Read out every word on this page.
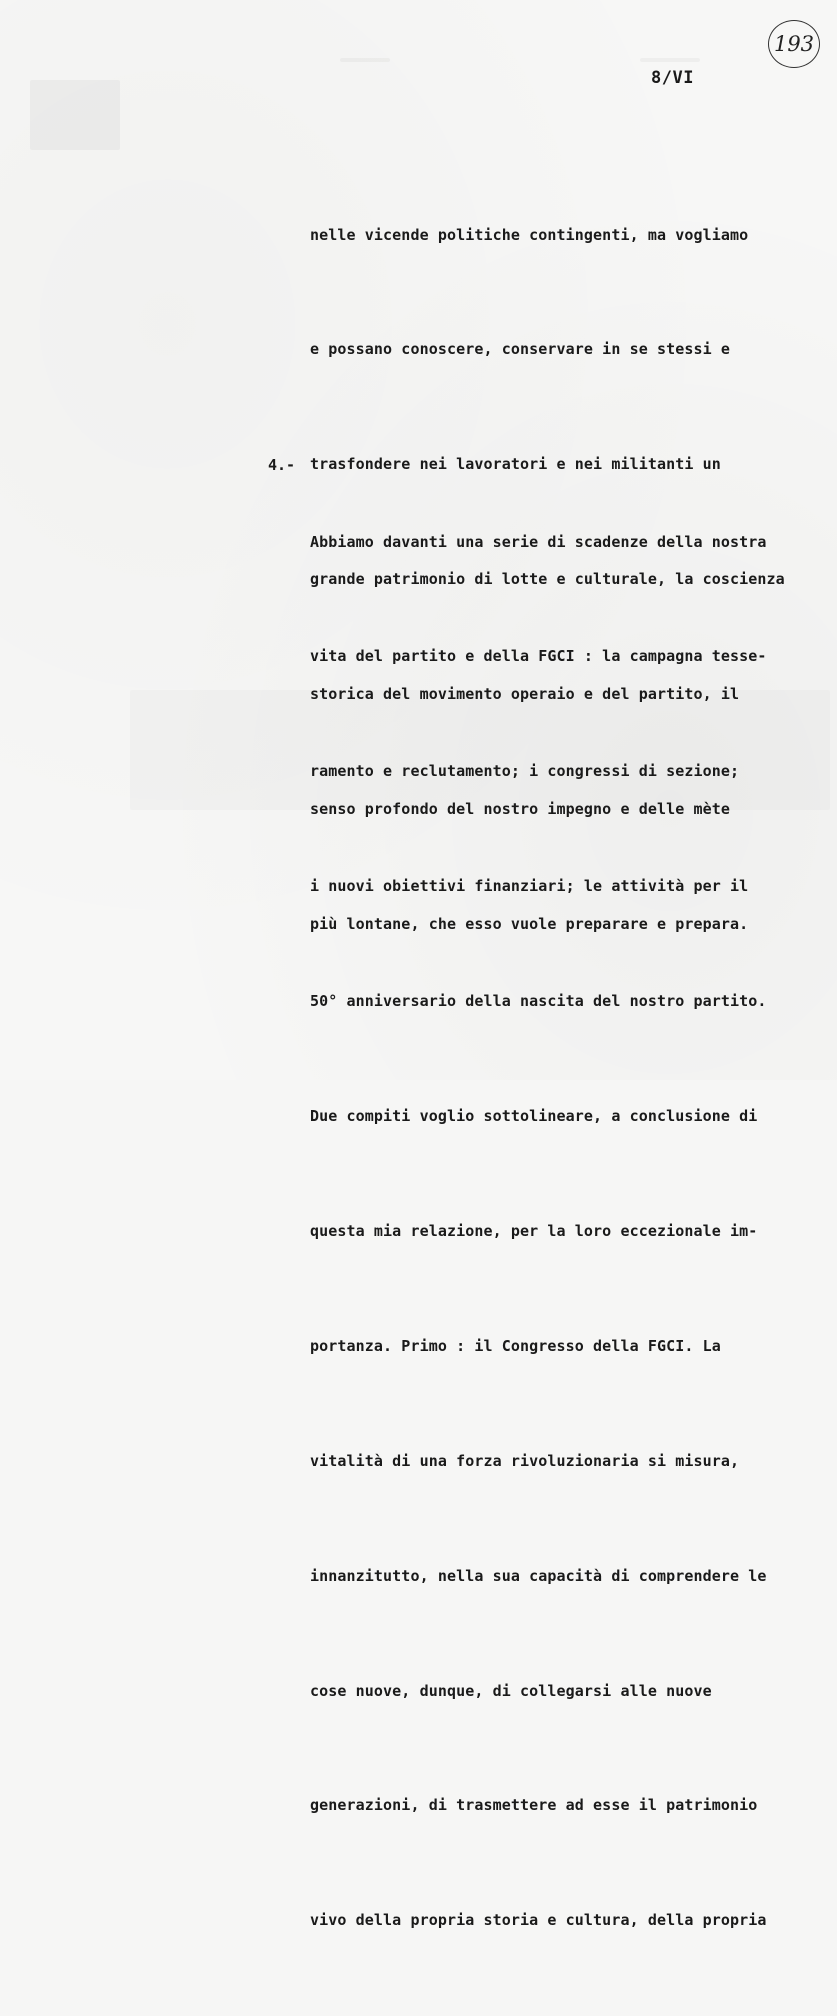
193
8/VI

nelle vicende politiche contingenti, ma vogliamo

e possano conoscere, conservare in se stessi e

trasfondere nei lavoratori e nei militanti un

grande patrimonio di lotte e culturale, la coscienza

storica del movimento operaio e del partito, il

senso profondo del nostro impegno e delle mète

più lontane, che esso vuole preparare e prepara.

4.-

Abbiamo davanti una serie di scadenze della nostra

vita del partito e della FGCI : la campagna tesse-

ramento e reclutamento; i congressi di sezione;

i nuovi obiettivi finanziari; le attività per il

50° anniversario della nascita del nostro partito.

Due compiti voglio sottolineare, a conclusione di

questa mia relazione, per la loro eccezionale im-

portanza. Primo : il Congresso della FGCI. La

vitalità di una forza rivoluzionaria si misura,

innanzitutto, nella sua capacità di comprendere le

cose nuove, dunque, di collegarsi alle nuove

generazioni, di trasmettere ad esse il patrimonio

vivo della propria storia e cultura, della propria
